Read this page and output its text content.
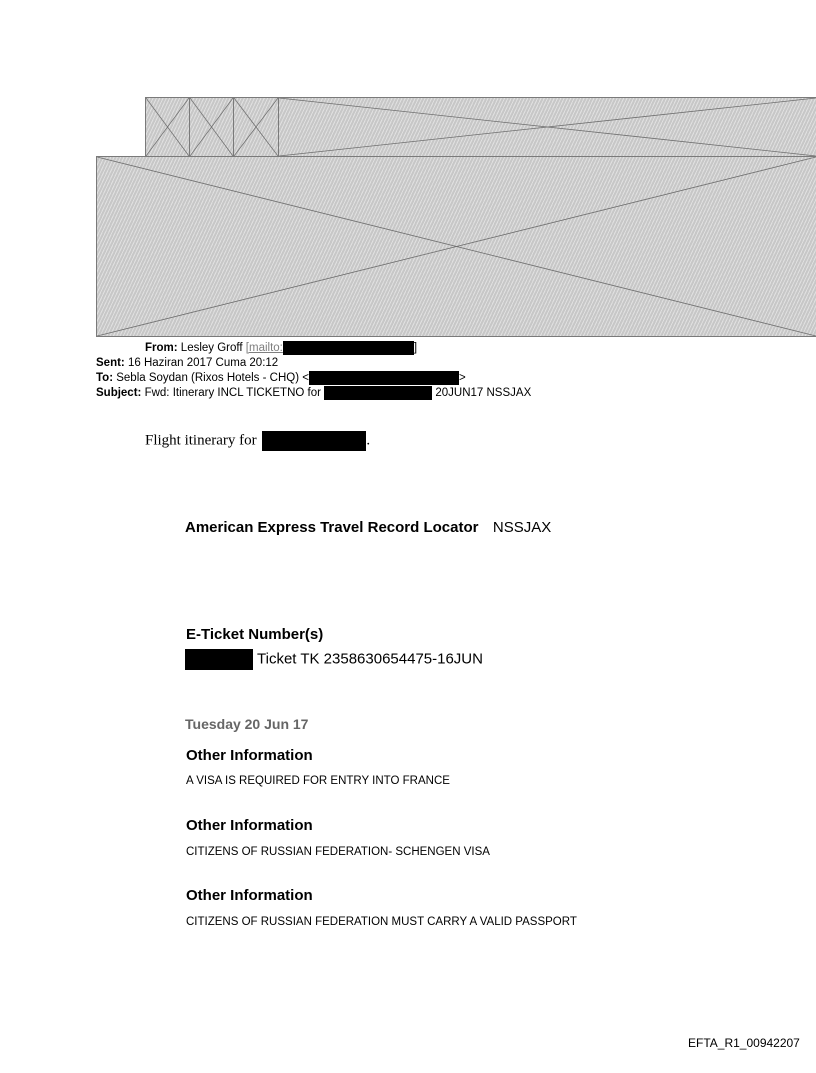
From: Lesley Groff [mailto:	]
Sent: 16 Haziran 2017 Cuma 20:12
To: Sebla Soydan (Rixos Hotels - CHQ) <	>
Subject: Fwd: Itinerary INCL TICKETNO for	20JUN17 NSSJAX
Flight itinerary for	.
American Express Travel Record Locator NSSJAX
E-Ticket Number(s)
Ticket TK 2358630654475-16JUN
Tuesday 20 Jun 17
Other Information
A VISA IS REQUIRED FOR ENTRY INTO FRANCE
Other Information
CITIZENS OF RUSSIAN FEDERATION- SCHENGEN VISA
Other Information
CITIZENS OF RUSSIAN FEDERATION MUST CARRY A VALID PASSPORT
EFTA_R1_00942207
